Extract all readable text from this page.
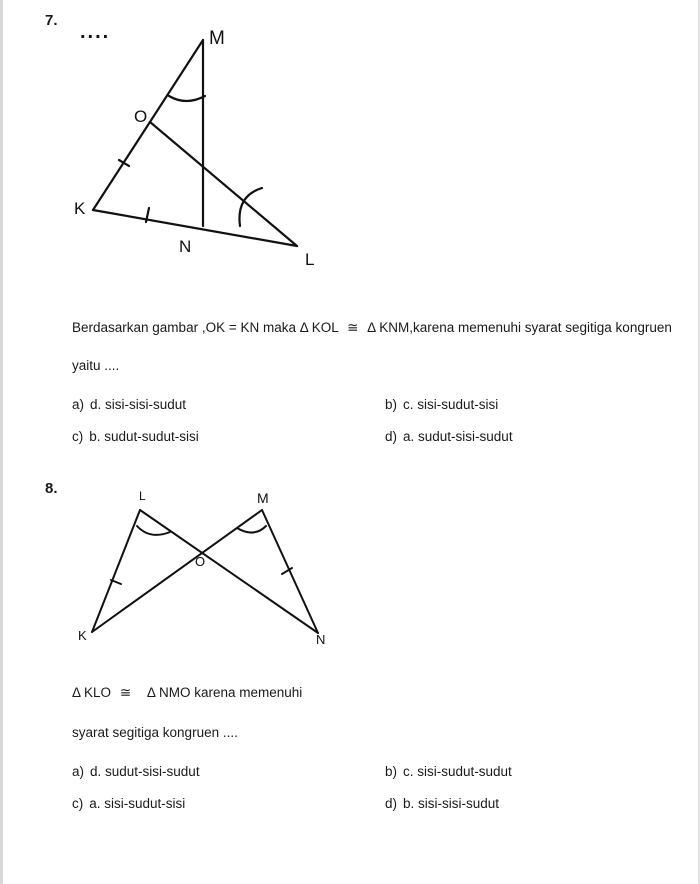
7.
....	M
O
K
N
L
Berdasarkan gambar ,OK = KN maka Δ KOL ≅ Δ KNM,karena memenuhi syarat segitiga kongruen
yaitu ....
a) d. sisi-sisi-sudut	b) c. sisi-sudut-sisi
c) b. sudut-sudut-sisi	d) a. sudut-sisi-sudut
8.	L	M
O
K	N
Δ KLO ≅ Δ NMO karena memenuhi
syarat segitiga kongruen ....
a) d. sudut-sisi-sudut	b) c. sisi-sudut-sudut
c) a. sisi-sudut-sisi	d) b. sisi-sisi-sudut
